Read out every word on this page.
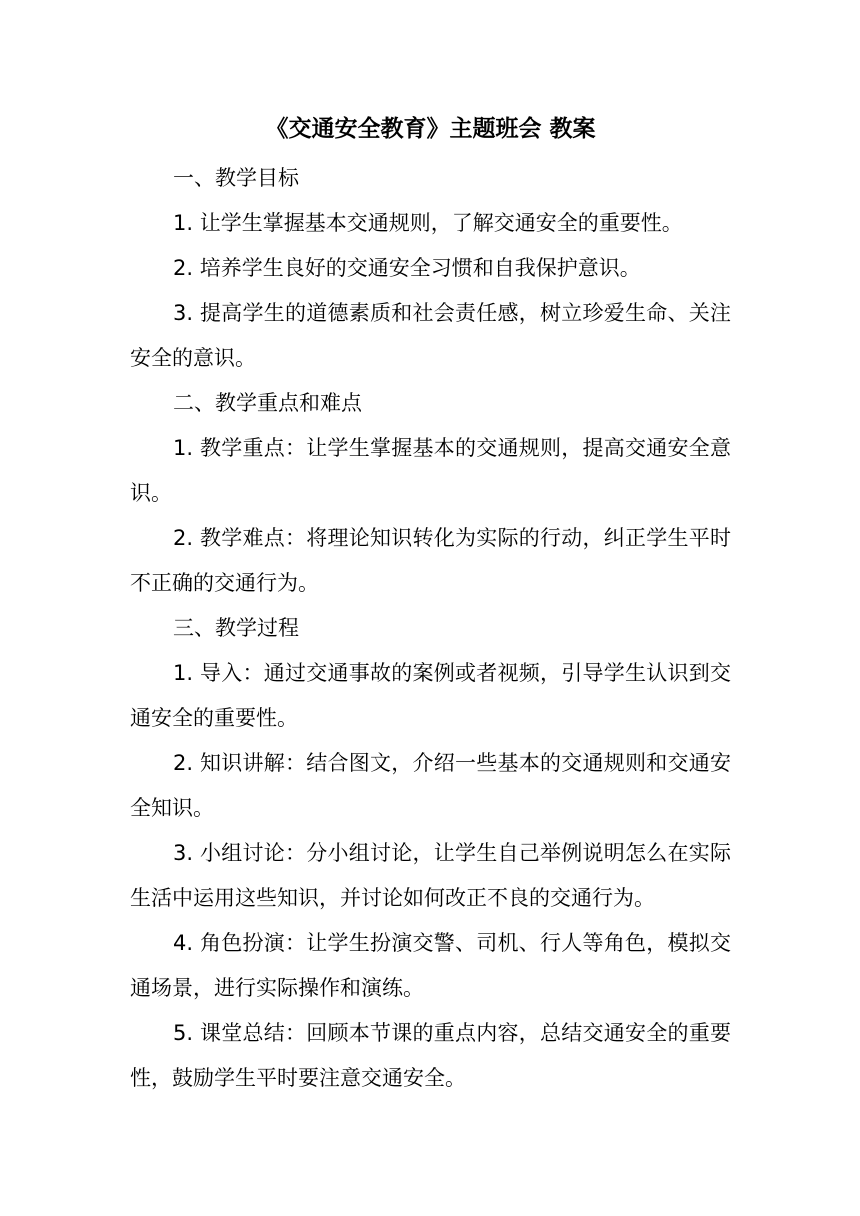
《交通安全教育》主题班会 教案

一、教学目标

1. 让学生掌握基本交通规则，了解交通安全的重要性。

2. 培养学生良好的交通安全习惯和自我保护意识。

3. 提高学生的道德素质和社会责任感，树立珍爱生命、关注安全的意识。

二、教学重点和难点

1. 教学重点：让学生掌握基本的交通规则，提高交通安全意识。

2. 教学难点：将理论知识转化为实际的行动，纠正学生平时不正确的交通行为。

三、教学过程

1. 导入：通过交通事故的案例或者视频，引导学生认识到交通安全的重要性。

2. 知识讲解：结合图文，介绍一些基本的交通规则和交通安全知识。

3. 小组讨论：分小组讨论，让学生自己举例说明怎么在实际生活中运用这些知识，并讨论如何改正不良的交通行为。

4. 角色扮演：让学生扮演交警、司机、行人等角色，模拟交通场景，进行实际操作和演练。

5. 课堂总结：回顾本节课的重点内容，总结交通安全的重要性，鼓励学生平时要注意交通安全。
